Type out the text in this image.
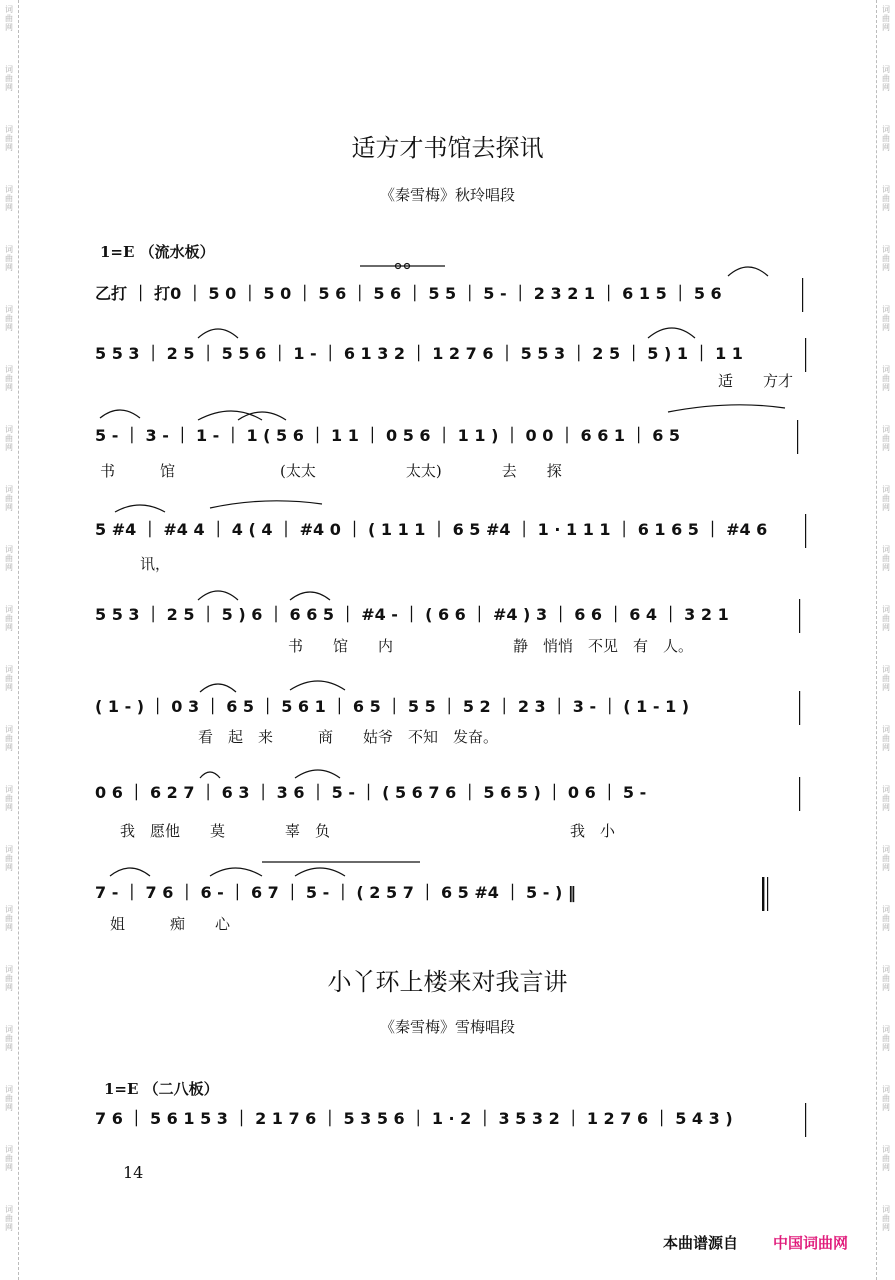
词曲网
词曲网
词曲网
词曲网
词曲网
词曲网
词曲网
词曲网
词曲网
词曲网
词曲网
词曲网
词曲网
词曲网
词曲网
词曲网
词曲网
词曲网
词曲网
词曲网
词曲网
词曲网
词曲网
词曲网
词曲网
词曲网
词曲网
词曲网
词曲网
词曲网
词曲网
词曲网
词曲网
词曲网
词曲网
词曲网
词曲网
词曲网
词曲网
词曲网
词曲网
词曲网
适方才书馆去探讯
《秦雪梅》秋玲唱段
1=E （流水板）
乙打 ｜ 打0 ｜ 5 0 ｜ 5 0 ｜ 5 6 ｜ 5 6 ｜ 5 5 ｜ 5 - ｜ 2 3 2 1 ｜ 6 1 5 ｜ 5 6
5 5 3 ｜ 2 5 ｜ 5 5 6 ｜ 1 - ｜ 6 1 3 2 ｜ 1 2 7 6 ｜ 5 5 3 ｜ 2 5 ｜ 5 ) 1 ｜ 1 1
适　　方才
5 - ｜ 3 - ｜ 1 - ｜ 1 ( 5 6 ｜ 1 1 ｜ 0 5 6 ｜ 1 1 ) ｜ 0 0 ｜ 6 6 1 ｜ 6 5
书　　　馆　　　　　　　(太太　　　　　　太太)　　　　去　　探
5 #4 ｜ #4 4 ｜ 4 ( 4 ｜ #4 0 ｜ ( 1 1 1 ｜ 6 5 #4 ｜ 1 · 1 1 1 ｜ 6 1 6 5 ｜ #4 6
讯，
5 5 3 ｜ 2 5 ｜ 5 ) 6 ｜ 6 6 5 ｜ #4 - ｜ ( 6 6 ｜ #4 ) 3 ｜ 6 6 ｜ 6 4 ｜ 3 2 1
书　　馆　　内　　　　　　　　静　悄悄　不见　有　人。
( 1 - ) ｜ 0 3 ｜ 6 5 ｜ 5 6 1 ｜ 6 5 ｜ 5 5 ｜ 5 2 ｜ 2 3 ｜ 3 - ｜ ( 1 - 1 )
看　起　来　　　商　　姑爷　不知　发奋。
0 6 ｜ 6 2 7 ｜ 6 3 ｜ 3 6 ｜ 5 - ｜ ( 5 6 7 6 ｜ 5 6 5 ) ｜ 0 6 ｜ 5 -
我　愿他　　莫　　　　辜　负　　　　　　　　　　　　　　　　我　小
7 - ｜ 7 6 ｜ 6 - ｜ 6 7 ｜ 5 - ｜ ( 2 5 7 ｜ 6 5 #4 ｜ 5 - ) ‖
姐　　　痴　　心
小丫环上楼来对我言讲
《秦雪梅》雪梅唱段
1=E （二八板）
7 6 ｜ 5 6 1 5 3 ｜ 2 1 7 6 ｜ 5 3 5 6 ｜ 1 · 2 ｜ 3 5 3 2 ｜ 1 2 7 6 ｜ 5 4 3 )
14
本曲谱源自 中国词曲网
